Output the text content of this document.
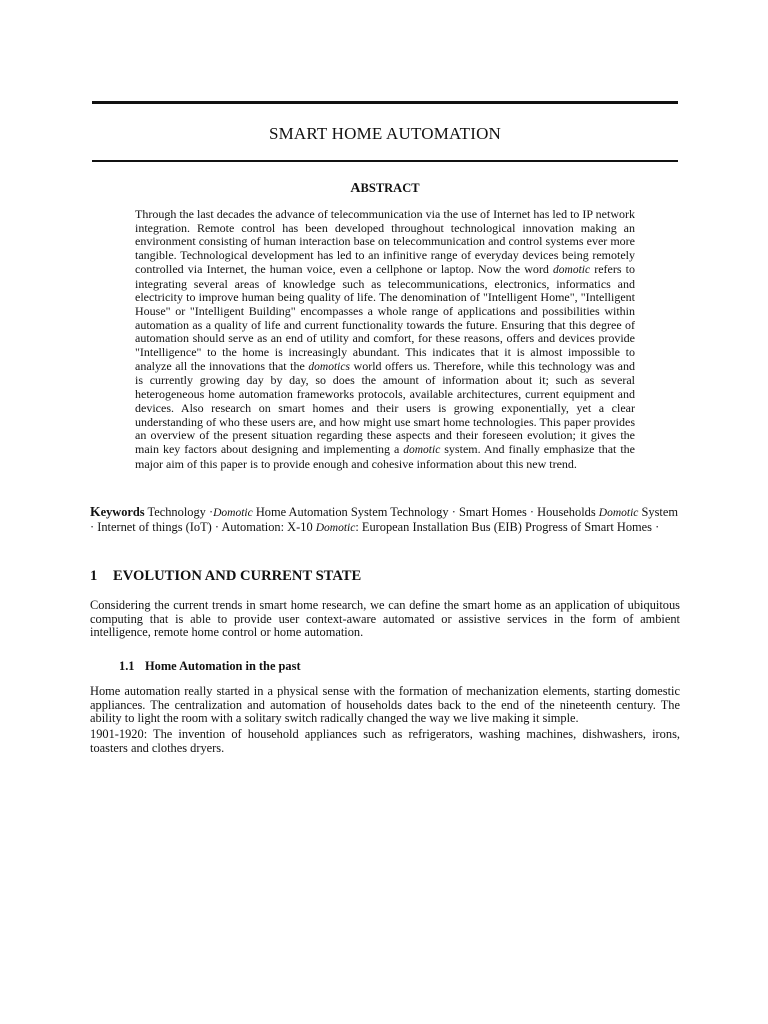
SMART HOME AUTOMATION
ABSTRACT
Through the last decades the advance of telecommunication via the use of Internet has led to IP network integration. Remote control has been developed throughout technological innovation making an environment consisting of human interaction base on telecommunication and control systems ever more tangible. Technological development has led to an infinitive range of everyday devices being remotely controlled via Internet, the human voice, even a cellphone or laptop. Now the word domotic refers to integrating several areas of knowledge such as telecommunications, electronics, informatics and electricity to improve human being quality of life. The denomination of "Intelligent Home", "Intelligent House" or "Intelligent Building" encompasses a whole range of applications and possibilities within automation as a quality of life and current functionality towards the future. Ensuring that this degree of automation should serve as an end of utility and comfort, for these reasons, offers and devices provide "Intelligence" to the home is increasingly abundant. This indicates that it is almost impossible to analyze all the innovations that the domotics world offers us. Therefore, while this technology was and is currently growing day by day, so does the amount of information about it; such as several heterogeneous home automation frameworks protocols, available architectures, current equipment and devices. Also research on smart homes and their users is growing exponentially, yet a clear understanding of who these users are, and how might use smart home technologies. This paper provides an overview of the present situation regarding these aspects and their foreseen evolution; it gives the main key factors about designing and implementing a domotic system. And finally emphasize that the major aim of this paper is to provide enough and cohesive information about this new trend.
Keywords Technology ·Domotic Home Automation System Technology · Smart Homes · Households Domotic System · Internet of things (IoT) · Automation: X-10 Domotic: European Installation Bus (EIB) Progress of Smart Homes ·
1 EVOLUTION AND CURRENT STATE
Considering the current trends in smart home research, we can define the smart home as an application of ubiquitous computing that is able to provide user context-aware automated or assistive services in the form of ambient intelligence, remote home control or home automation.
1.1 Home Automation in the past
Home automation really started in a physical sense with the formation of mechanization elements, starting domestic appliances. The centralization and automation of households dates back to the end of the nineteenth century. The ability to light the room with a solitary switch radically changed the way we live making it simple.
1901-1920: The invention of household appliances such as refrigerators, washing machines, dishwashers, irons, toasters and clothes dryers.
